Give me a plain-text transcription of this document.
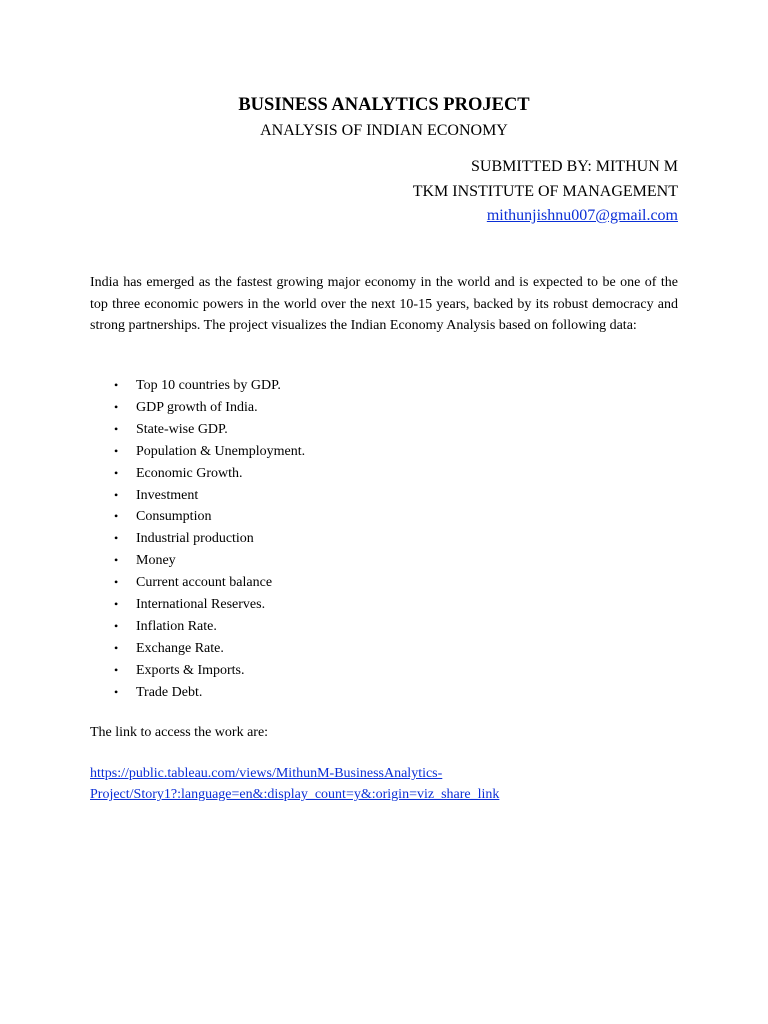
BUSINESS ANALYTICS PROJECT
ANALYSIS OF INDIAN ECONOMY
SUBMITTED BY: MITHUN M
TKM INSTITUTE OF MANAGEMENT
mithunjishnu007@gmail.com

India has emerged as the fastest growing major economy in the world and is expected to be one of the top three economic powers in the world over the next 10-15 years, backed by its robust democracy and strong partnerships. The project visualizes the Indian Economy Analysis based on following data:

• Top 10 countries by GDP.
• GDP growth of India.
• State-wise GDP.
• Population & Unemployment.
• Economic Growth.
• Investment
• Consumption
• Industrial production
• Money
• Current account balance
• International Reserves.
• Inflation Rate.
• Exchange Rate.
• Exports & Imports.
• Trade Debt.

The link to access the work are:

https://public.tableau.com/views/MithunM-BusinessAnalytics-
Project/Story1?:language=en&:display_count=y&:origin=viz_share_link
